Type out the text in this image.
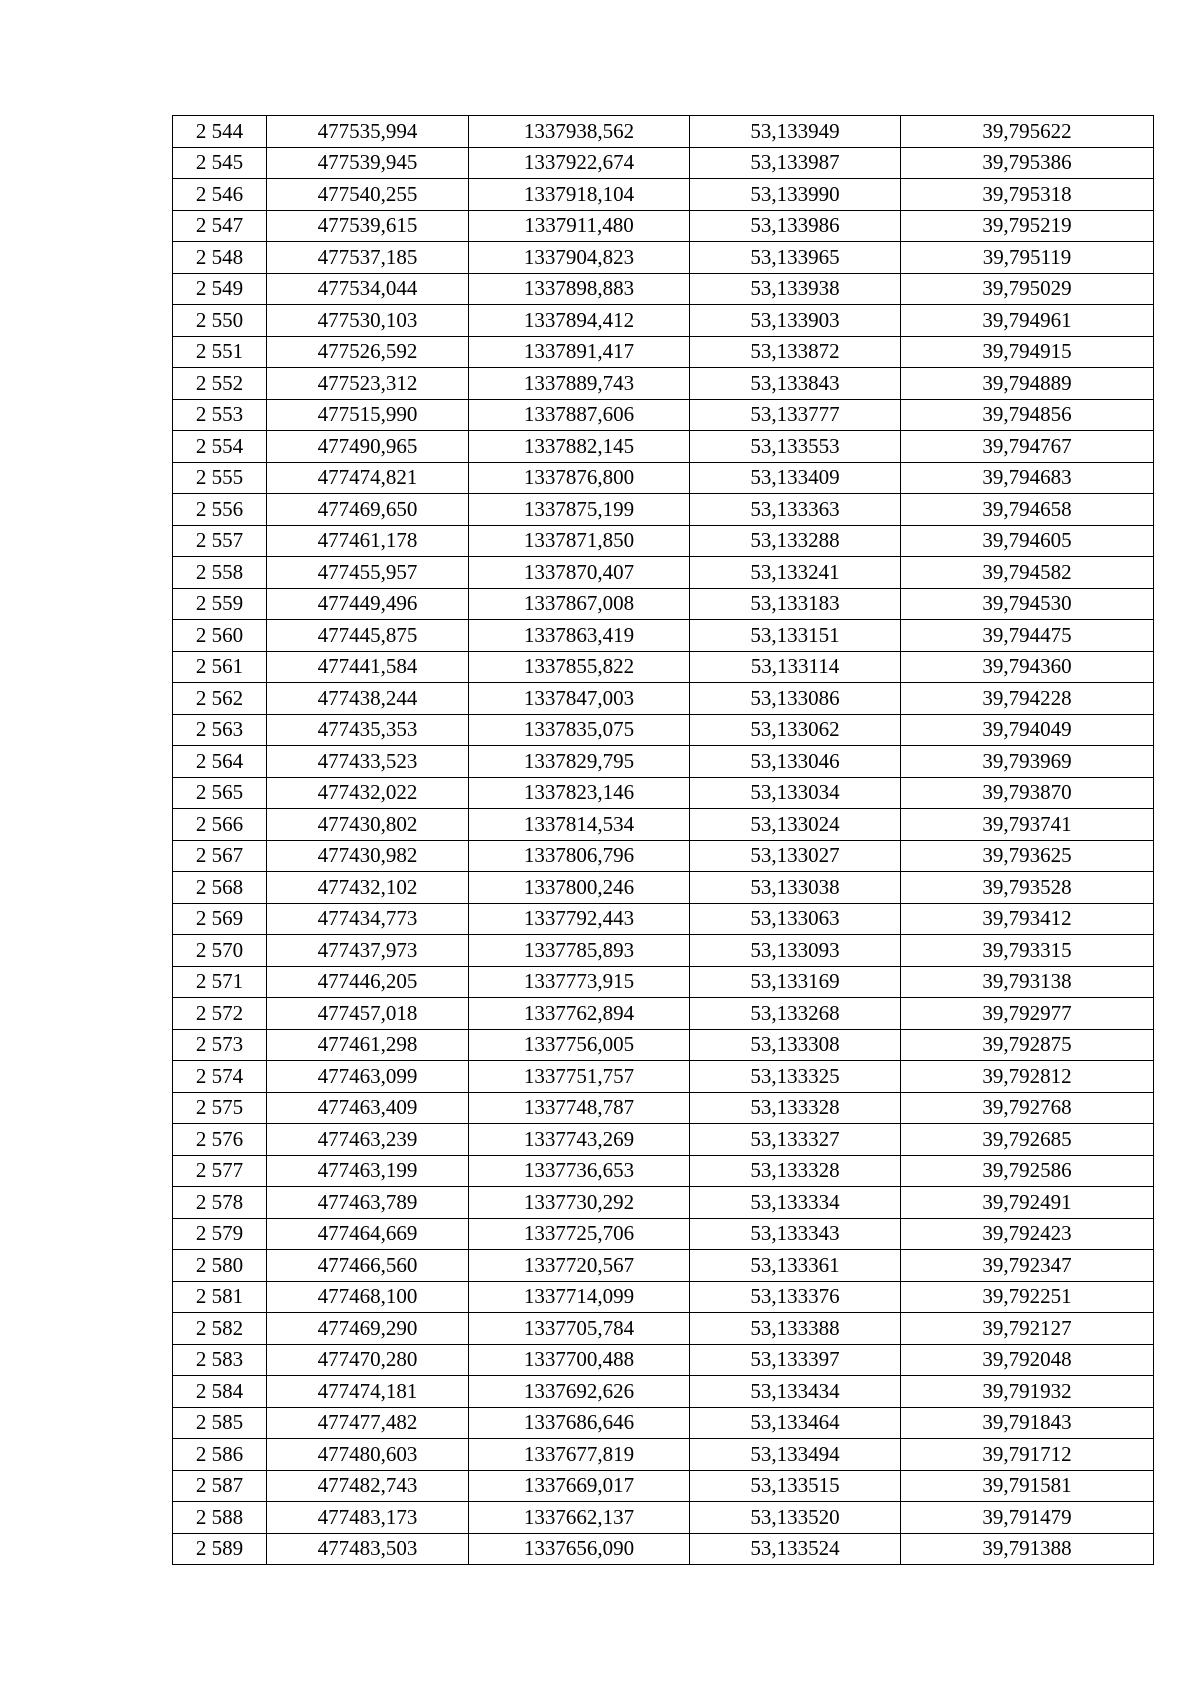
2 544	477535,994	1337938,562	53,133949	39,795622
2 545	477539,945	1337922,674	53,133987	39,795386
2 546	477540,255	1337918,104	53,133990	39,795318
2 547	477539,615	1337911,480	53,133986	39,795219
2 548	477537,185	1337904,823	53,133965	39,795119
2 549	477534,044	1337898,883	53,133938	39,795029
2 550	477530,103	1337894,412	53,133903	39,794961
2 551	477526,592	1337891,417	53,133872	39,794915
2 552	477523,312	1337889,743	53,133843	39,794889
2 553	477515,990	1337887,606	53,133777	39,794856
2 554	477490,965	1337882,145	53,133553	39,794767
2 555	477474,821	1337876,800	53,133409	39,794683
2 556	477469,650	1337875,199	53,133363	39,794658
2 557	477461,178	1337871,850	53,133288	39,794605
2 558	477455,957	1337870,407	53,133241	39,794582
2 559	477449,496	1337867,008	53,133183	39,794530
2 560	477445,875	1337863,419	53,133151	39,794475
2 561	477441,584	1337855,822	53,133114	39,794360
2 562	477438,244	1337847,003	53,133086	39,794228
2 563	477435,353	1337835,075	53,133062	39,794049
2 564	477433,523	1337829,795	53,133046	39,793969
2 565	477432,022	1337823,146	53,133034	39,793870
2 566	477430,802	1337814,534	53,133024	39,793741
2 567	477430,982	1337806,796	53,133027	39,793625
2 568	477432,102	1337800,246	53,133038	39,793528
2 569	477434,773	1337792,443	53,133063	39,793412
2 570	477437,973	1337785,893	53,133093	39,793315
2 571	477446,205	1337773,915	53,133169	39,793138
2 572	477457,018	1337762,894	53,133268	39,792977
2 573	477461,298	1337756,005	53,133308	39,792875
2 574	477463,099	1337751,757	53,133325	39,792812
2 575	477463,409	1337748,787	53,133328	39,792768
2 576	477463,239	1337743,269	53,133327	39,792685
2 577	477463,199	1337736,653	53,133328	39,792586
2 578	477463,789	1337730,292	53,133334	39,792491
2 579	477464,669	1337725,706	53,133343	39,792423
2 580	477466,560	1337720,567	53,133361	39,792347
2 581	477468,100	1337714,099	53,133376	39,792251
2 582	477469,290	1337705,784	53,133388	39,792127
2 583	477470,280	1337700,488	53,133397	39,792048
2 584	477474,181	1337692,626	53,133434	39,791932
2 585	477477,482	1337686,646	53,133464	39,791843
2 586	477480,603	1337677,819	53,133494	39,791712
2 587	477482,743	1337669,017	53,133515	39,791581
2 588	477483,173	1337662,137	53,133520	39,791479
2 589	477483,503	1337656,090	53,133524	39,791388
